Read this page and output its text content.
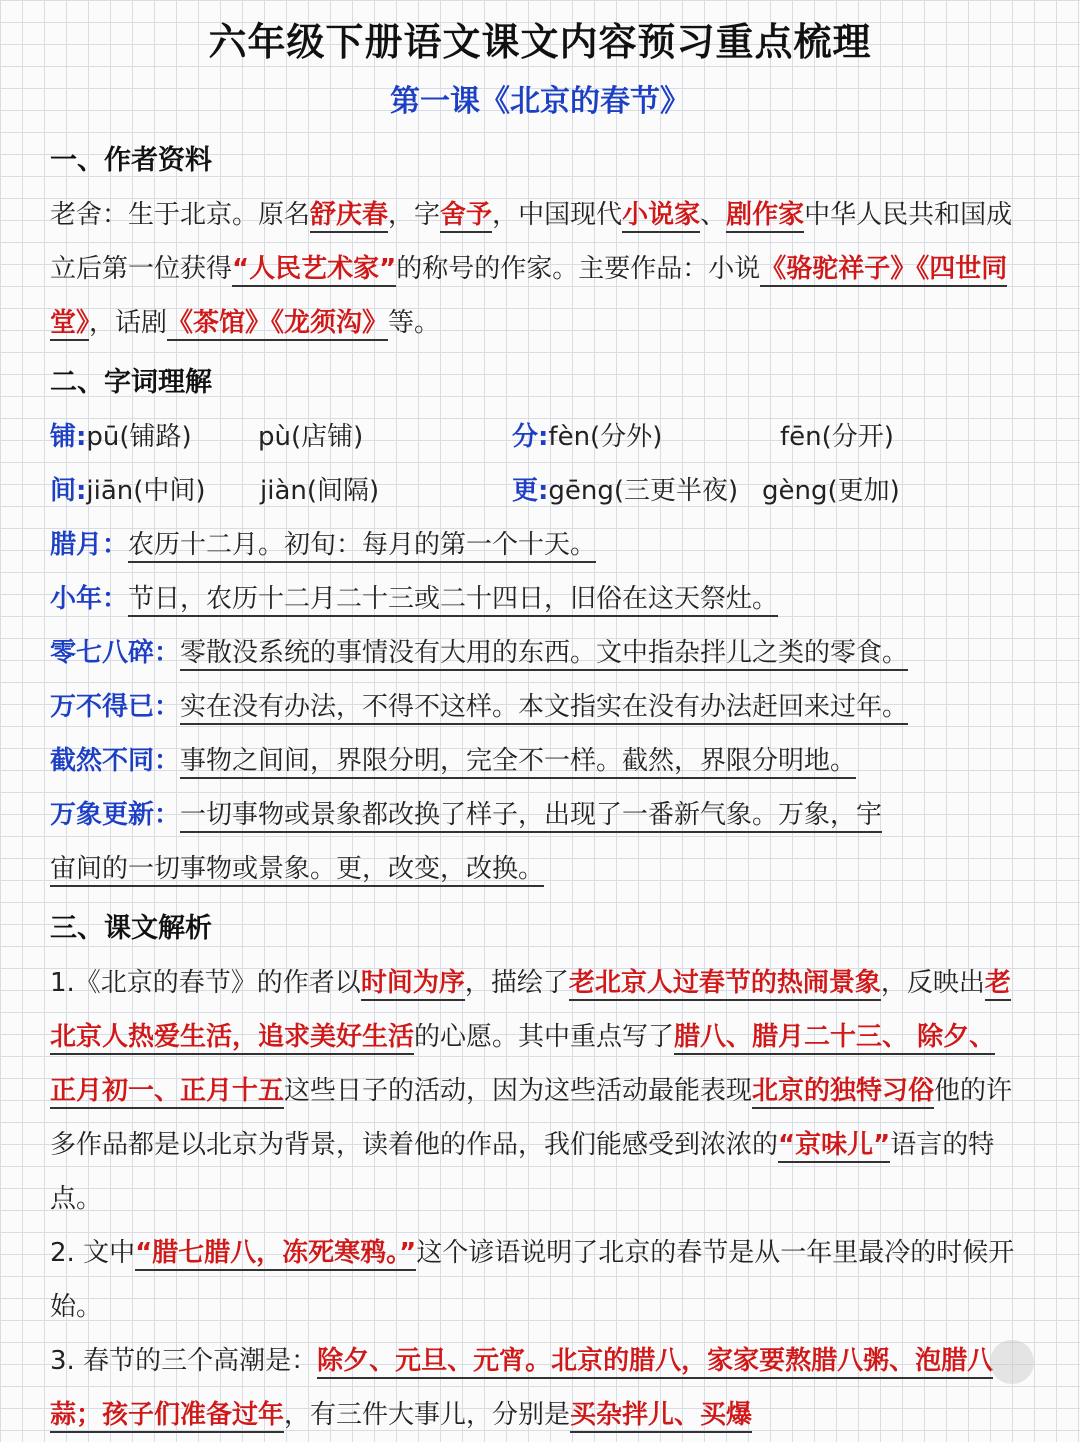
六年级下册语文课文内容预习重点梳理
第一课《北京的春节》
一、作者资料
老舍：生于北京。原名舒庆春，字舍予，中国现代小说家、剧作家中华人民共和国成立后第一位获得“人民艺术家”的称号的作家。主要作品：小说《骆驼祥子》《四世同堂》，话剧《茶馆》《龙须沟》等。
二、字词理解
铺:pū(铺路)	pù(店铺)	分:fèn(分外)	fēn(分开)
间:jiān(中间) jiàn(间隔)	更:gēng(三更半夜) gèng(更加)
腊月：农历十二月。初旬：每月的第一个十天。
小年：节日，农历十二月二十三或二十四日，旧俗在这天祭灶。
零七八碎：零散没系统的事情没有大用的东西。文中指杂拌儿之类的零食。
万不得已：实在没有办法，不得不这样。本文指实在没有办法赶回来过年。
截然不同：事物之间间，界限分明，完全不一样。截然，界限分明地。
万象更新：一切事物或景象都改换了样子，出现了一番新气象。万象，宇
宙间的一切事物或景象。更，改变，改换。
三、课文解析
1.《北京的春节》的作者以时间为序，描绘了老北京人过春节的热闹景象，反映出老北京人热爱生活，追求美好生活的心愿。其中重点写了腊八、腊月二十三、 除夕、 正月初一、正月十五这些日子的活动，因为这些活动最能表现北京的独特习俗他的许多作品都是以北京为背景，读着他的作品，我们能感受到浓浓的“京味儿”语言的特点。
2. 文中“腊七腊八，冻死寒鸦。”这个谚语说明了北京的春节是从一年里最冷的时候开始。
3. 春节的三个高潮是：除夕、元旦、元宵。北京的腊八，家家要熬腊八粥、泡腊八蒜；孩子们准备过年，有三件大事儿，分别是买杂拌儿、买爆
